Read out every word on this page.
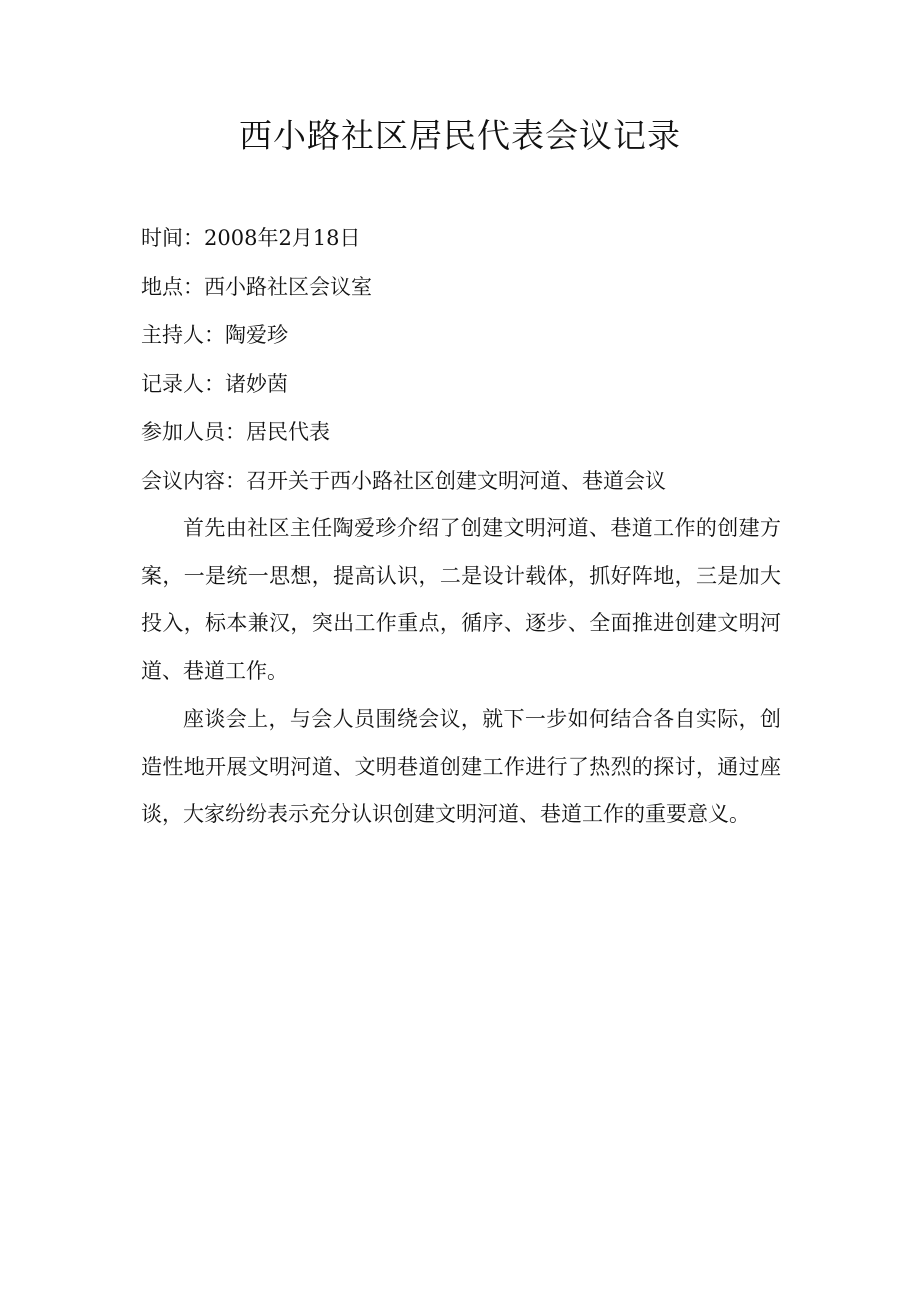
西小路社区居民代表会议记录
时间：2008年2月18日
地点：西小路社区会议室
主持人：陶爱珍
记录人：诸妙茵
参加人员：居民代表
会议内容：召开关于西小路社区创建文明河道、巷道会议

首先由社区主任陶爱珍介绍了创建文明河道、巷道工作的创建方案，一是统一思想，提高认识，二是设计载体，抓好阵地，三是加大投入，标本兼汉，突出工作重点，循序、逐步、全面推进创建文明河道、巷道工作。

座谈会上，与会人员围绕会议，就下一步如何结合各自实际，创造性地开展文明河道、文明巷道创建工作进行了热烈的探讨，通过座谈，大家纷纷表示充分认识创建文明河道、巷道工作的重要意义。
